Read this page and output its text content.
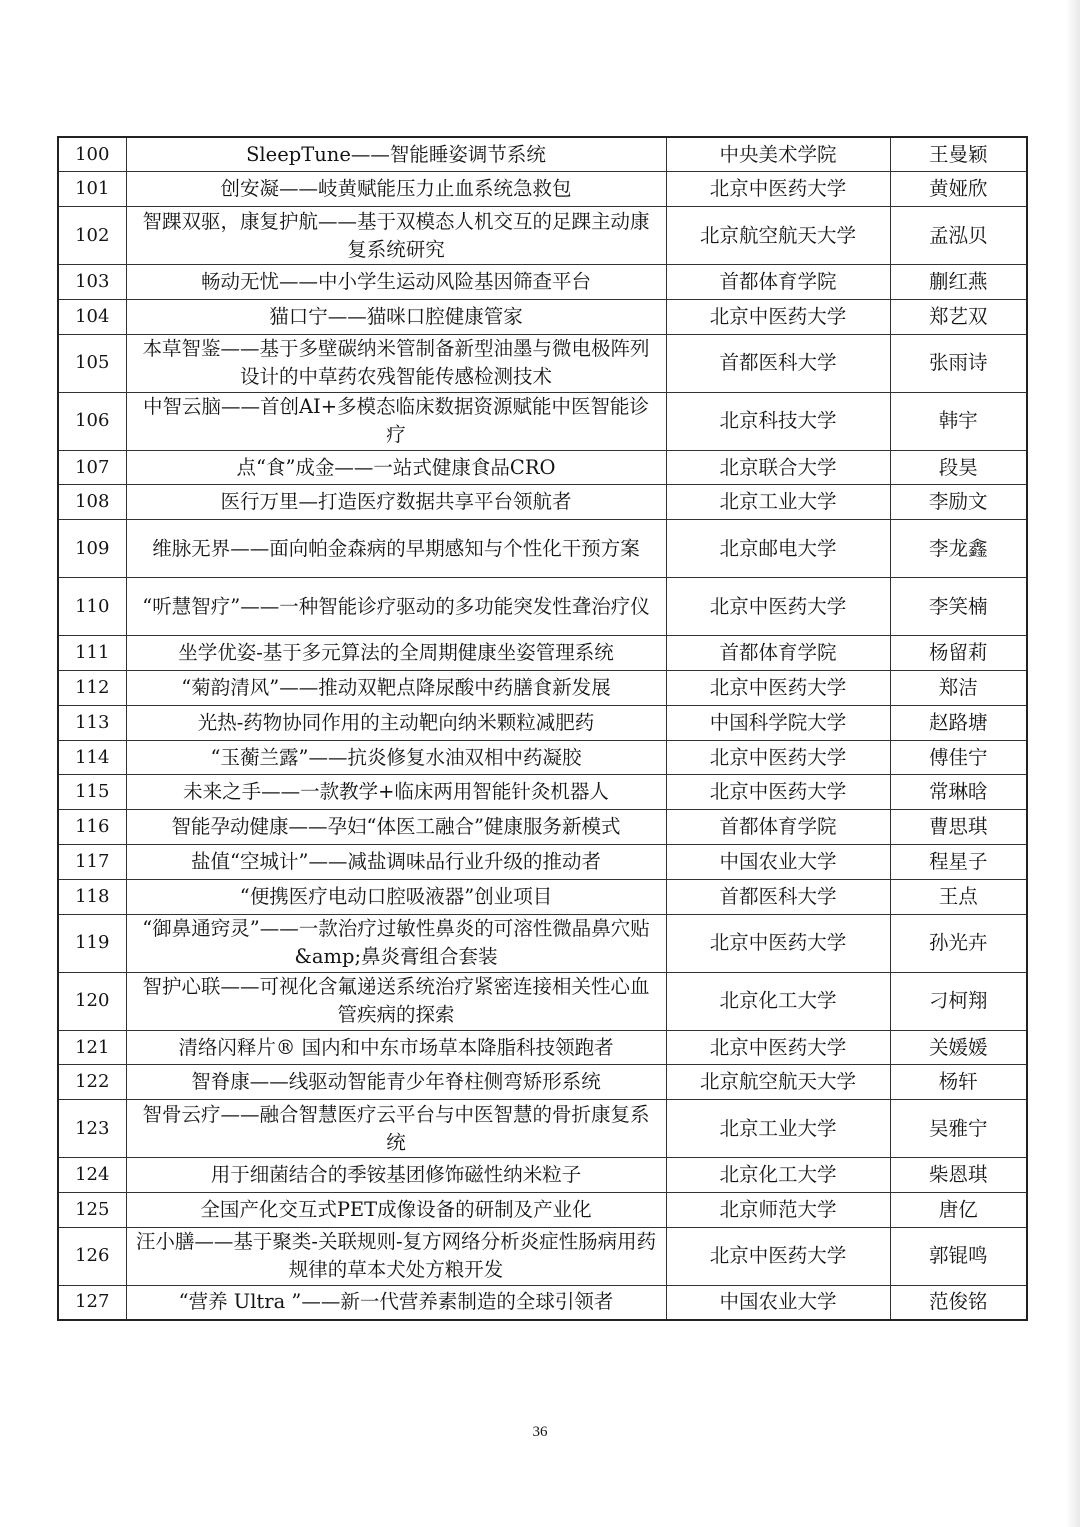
100	SleepTune——智能睡姿调节系统	中央美术学院	王曼颖
101	创安凝——岐黄赋能压力止血系统急救包	北京中医药大学	黄娅欣
102	智踝双驱，康复护航——基于双模态人机交互的足踝主动康复系统研究	北京航空航天大学	孟泓贝
103	畅动无忧——中小学生运动风险基因筛查平台	首都体育学院	蒯红燕
104	猫口宁——猫咪口腔健康管家	北京中医药大学	郑艺双
105	本草智鉴——基于多壁碳纳米管制备新型油墨与微电极阵列设计的中草药农残智能传感检测技术	首都医科大学	张雨诗
106	中智云脑——首创AI+多模态临床数据资源赋能中医智能诊疗	北京科技大学	韩宇
107	点“食”成金——一站式健康食品CRO	北京联合大学	段昊
108	医行万里—打造医疗数据共享平台领航者	北京工业大学	李励文
109	维脉无界——面向帕金森病的早期感知与个性化干预方案	北京邮电大学	李龙鑫
110	“听慧智疗”——一种智能诊疗驱动的多功能突发性聋治疗仪	北京中医药大学	李笑楠
111	坐学优姿-基于多元算法的全周期健康坐姿管理系统	首都体育学院	杨留莉
112	“菊韵清风”——推动双靶点降尿酸中药膳食新发展	北京中医药大学	郑洁
113	光热-药物协同作用的主动靶向纳米颗粒减肥药	中国科学院大学	赵路塘
114	“玉蘅兰露”——抗炎修复水油双相中药凝胶	北京中医药大学	傅佳宁
115	未来之手——一款教学+临床两用智能针灸机器人	北京中医药大学	常琳晗
116	智能孕动健康——孕妇“体医工融合”健康服务新模式	首都体育学院	曹思琪
117	盐值“空城计”——减盐调味品行业升级的推动者	中国农业大学	程星子
118	“便携医疗电动口腔吸液器”创业项目	首都医科大学	王点
119	“御鼻通窍灵”——一款治疗过敏性鼻炎的可溶性微晶鼻穴贴&amp;鼻炎膏组合套装	北京中医药大学	孙光卉
120	智护心联——可视化含氟递送系统治疗紧密连接相关性心血管疾病的探索	北京化工大学	刁柯翔
121	清络闪释片® 国内和中东市场草本降脂科技领跑者	北京中医药大学	关媛媛
122	智脊康——线驱动智能青少年脊柱侧弯矫形系统	北京航空航天大学	杨轩
123	智骨云疗——融合智慧医疗云平台与中医智慧的骨折康复系统	北京工业大学	吴雅宁
124	用于细菌结合的季铵基团修饰磁性纳米粒子	北京化工大学	柴恩琪
125	全国产化交互式PET成像设备的研制及产业化	北京师范大学	唐亿
126	汪小膳——基于聚类-关联规则-复方网络分析炎症性肠病用药规律的草本犬处方粮开发	北京中医药大学	郭锟鸣
127	“营养 Ultra ”——新一代营养素制造的全球引领者	中国农业大学	范俊铭
36
